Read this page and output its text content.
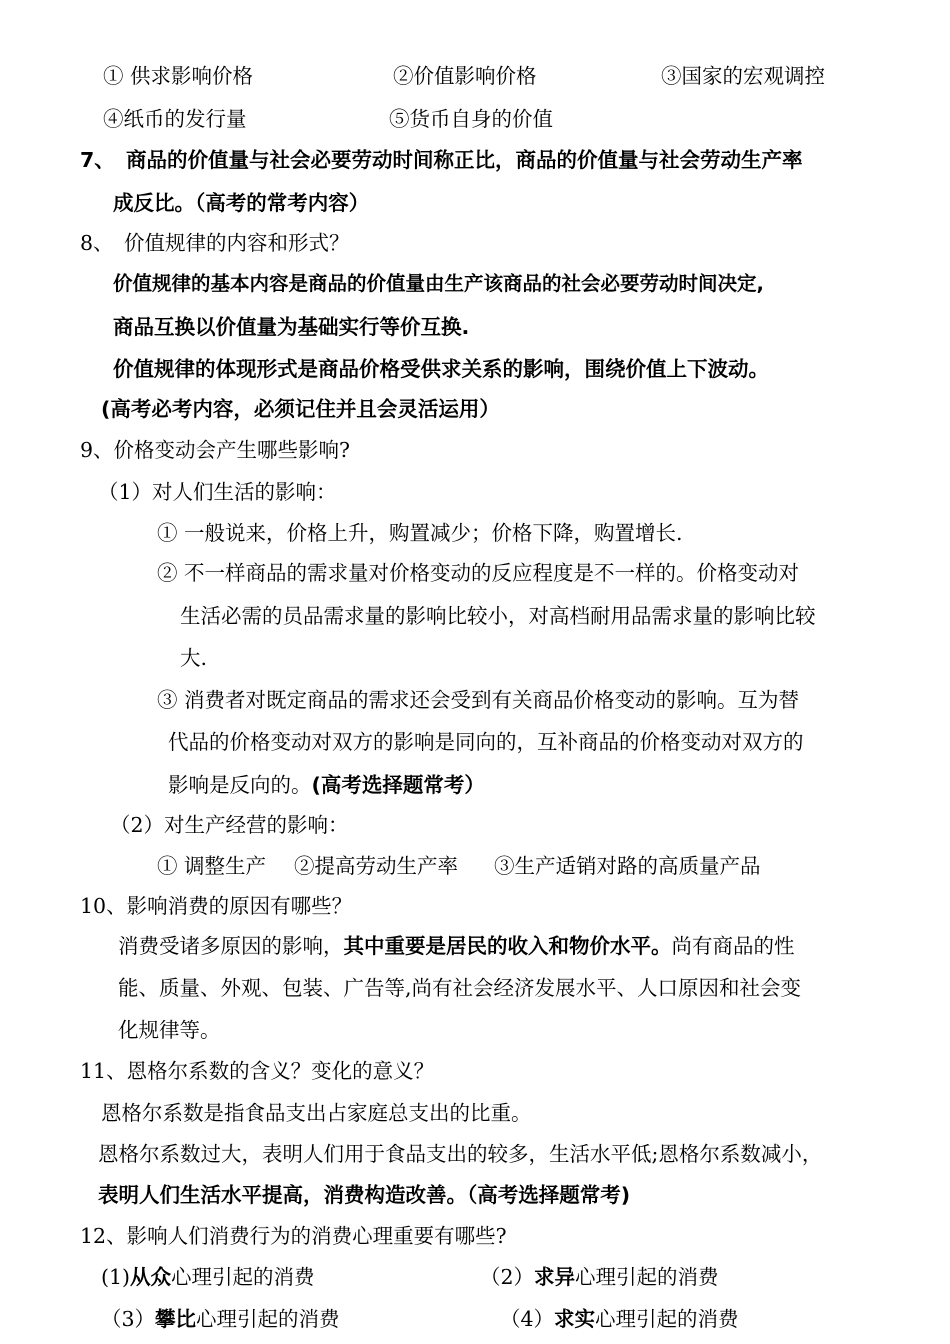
① 供求影响价格	②价值影响价格	③国家的宏观调控
④纸币的发行量	⑤货币自身的价值
7、 商品的价值量与社会必要劳动时间称正比，商品的价值量与社会劳动生产率
成反比。（高考的常考内容）
8、 价值规律的内容和形式？
价值规律的基本内容是商品的价值量由生产该商品的社会必要劳动时间决定,
商品互换以价值量为基础实行等价互换.
价值规律的体现形式是商品价格受供求关系的影响，围绕价值上下波动。
(高考必考内容，必须记住并且会灵活运用）
9、价格变动会产生哪些影响?
（1）对人们生活的影响：
① 一般说来，价格上升，购置减少；价格下降，购置增长.
② 不一样商品的需求量对价格变动的反应程度是不一样的。价格变动对
生活必需的员品需求量的影响比较小，对高档耐用品需求量的影响比较
大.
③ 消费者对既定商品的需求还会受到有关商品价格变动的影响。互为替
代品的价格变动对双方的影响是同向的，互补商品的价格变动对双方的
影响是反向的。(高考选择题常考）
（2）对生产经营的影响：
① 调整生产 ②提高劳动生产率 ③生产适销对路的高质量产品
10、影响消费的原因有哪些？
消费受诸多原因的影响，其中重要是居民的收入和物价水平。尚有商品的性
能、质量、外观、包装、广告等,尚有社会经济发展水平、人口原因和社会变
化规律等。
11、恩格尔系数的含义？变化的意义？
恩格尔系数是指食品支出占家庭总支出的比重。
恩格尔系数过大，表明人们用于食品支出的较多，生活水平低;恩格尔系数减小，
表明人们生活水平提高，消费构造改善。（高考选择题常考)
12、影响人们消费行为的消费心理重要有哪些?
(1)从众心理引起的消费	（2）求异心理引起的消费
（3）攀比心理引起的消费	（4）求实心理引起的消费
